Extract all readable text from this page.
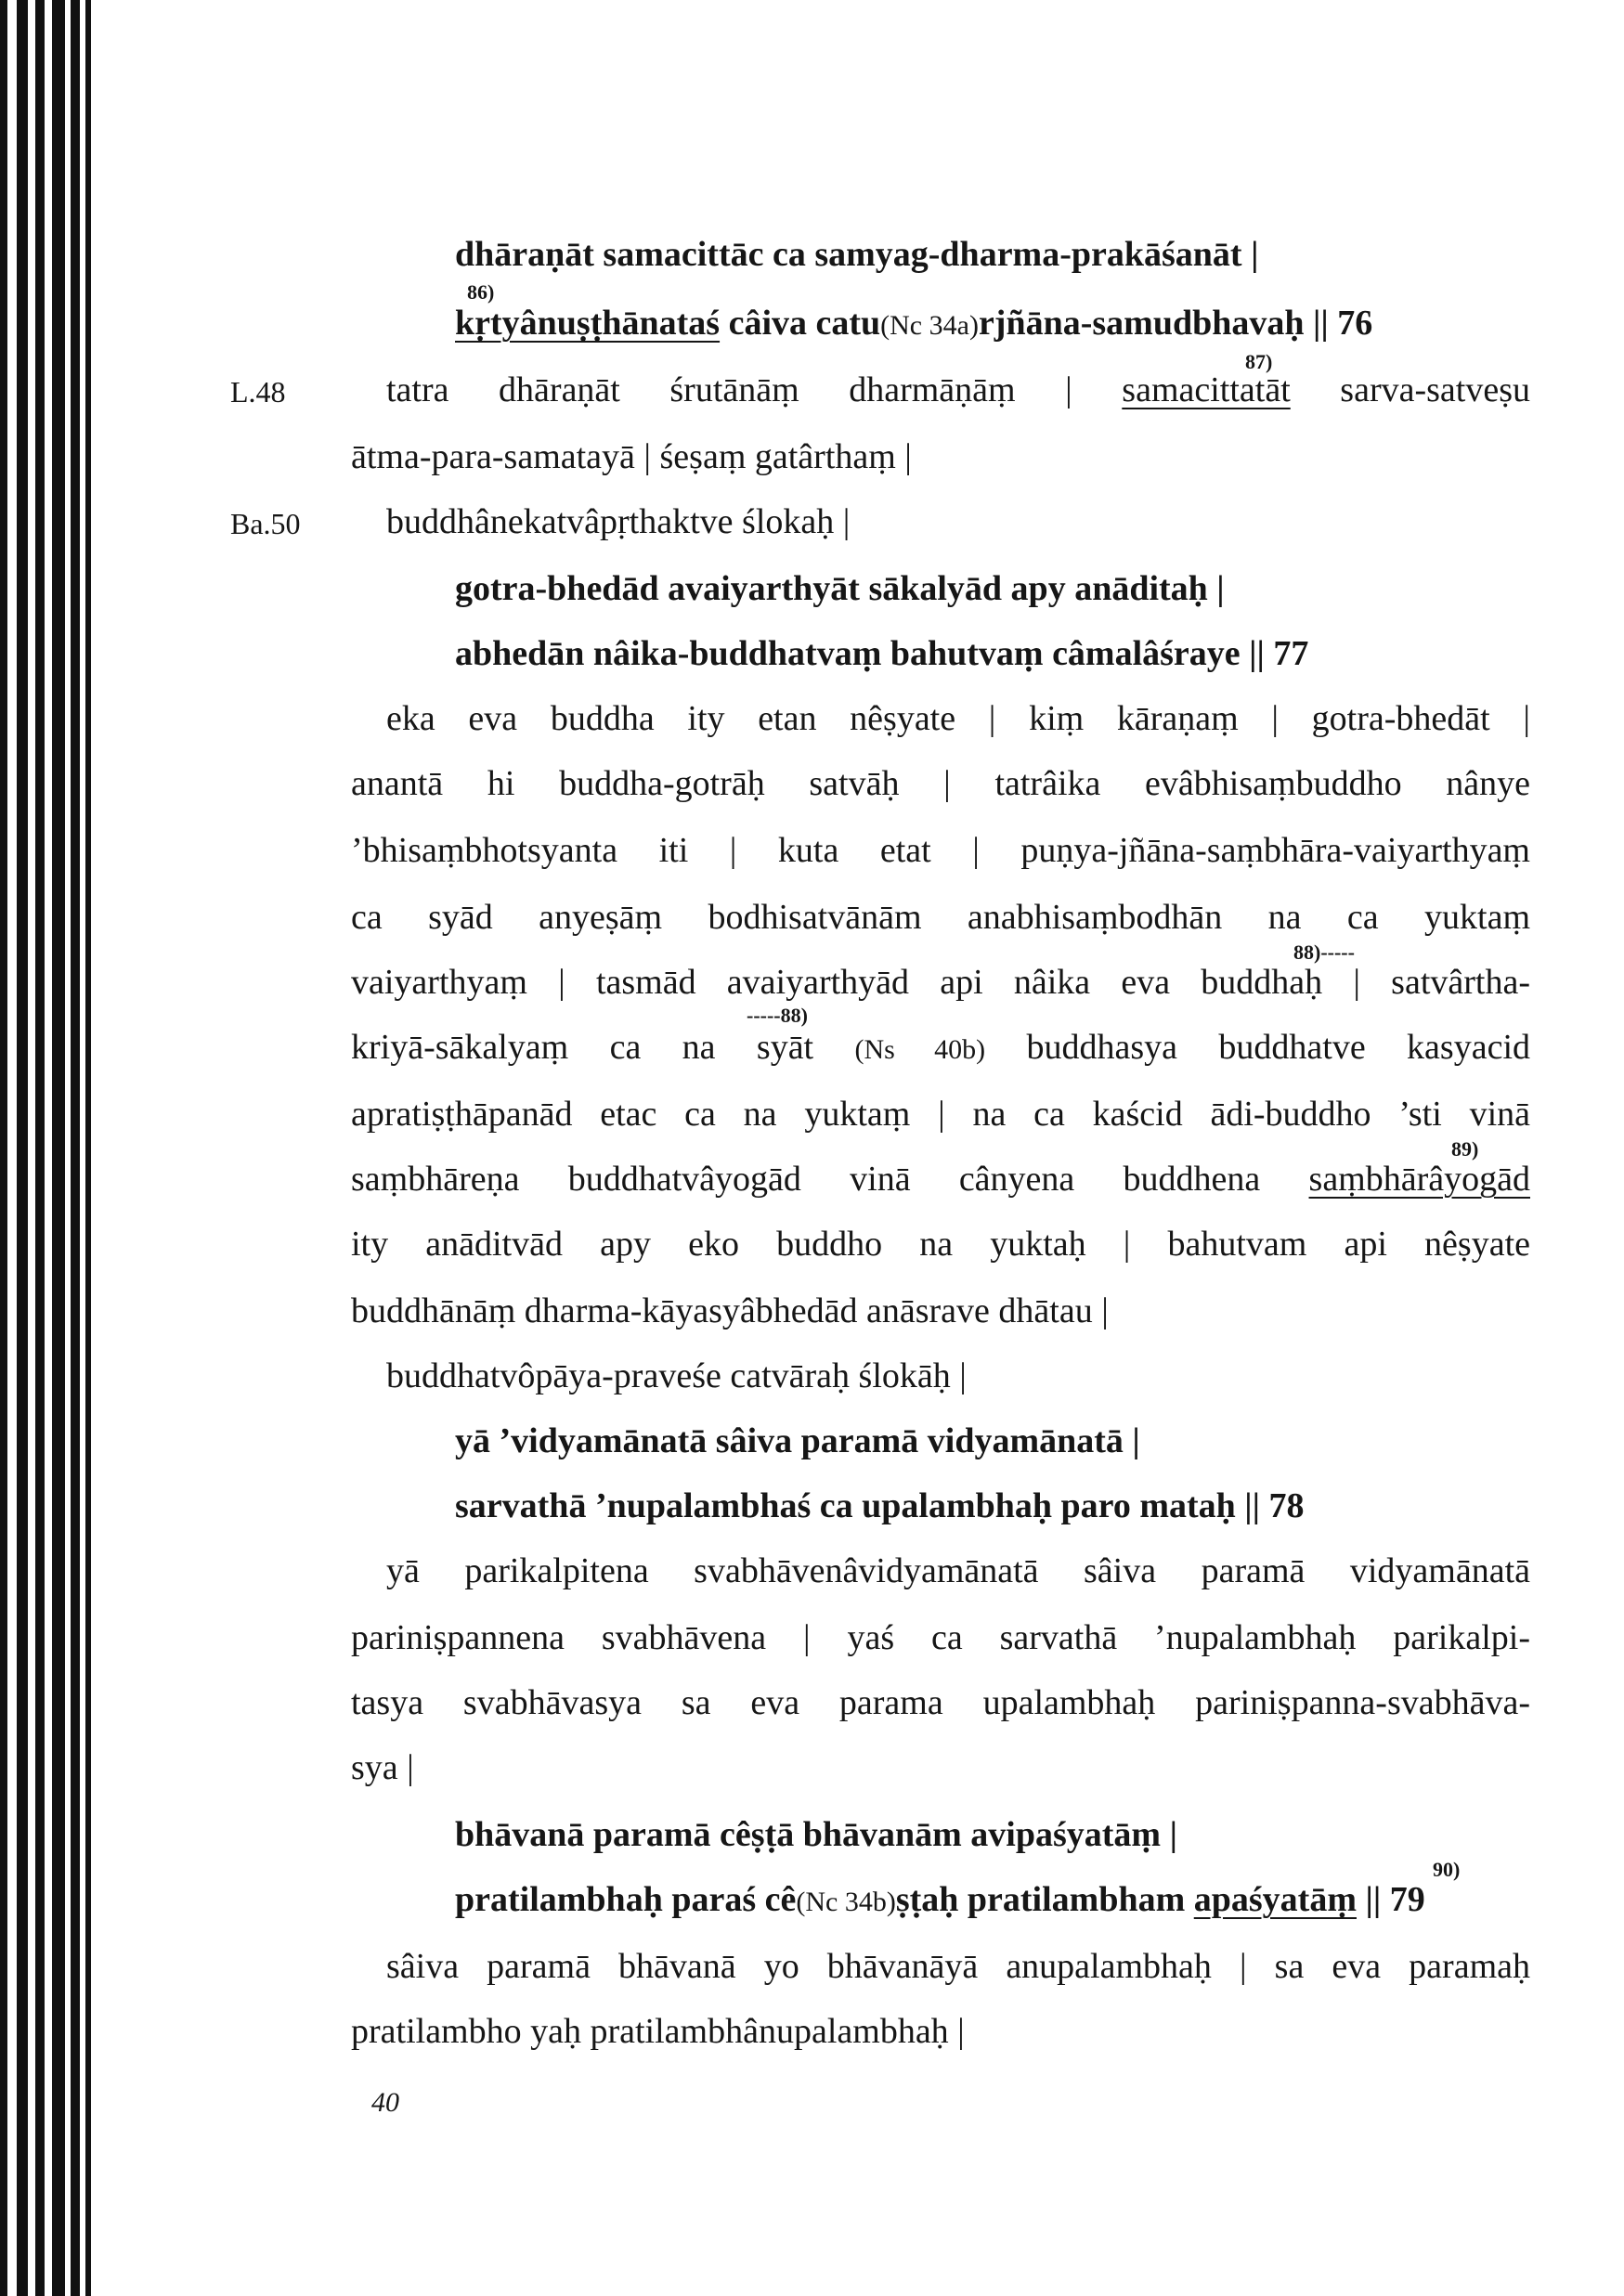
dhāraṇāt samacittāc ca samyag-dharma-prakāśanāt |
86)
kṛtyânuṣṭhānataś câiva catu(Nc 34a)rjñāna-samudbhavaḥ || 76
87)
L.48	tatra dhāraṇāt śrutānāṃ dharmāṇāṃ | samacittatāt sarva-satveṣu
ātma-para-samatayā | śeṣaṃ gatârthaṃ |
Ba.50 buddhânekatvâpṛthaktve ślokaḥ |
gotra-bhedād avaiyarthyāt sākalyād apy anāditaḥ |
abhedān nâika-buddhatvaṃ bahutvaṃ câmalâśraye || 77
eka eva buddha ity etan nêṣyate | kiṃ kāraṇaṃ | gotra-bhedāt |
anantā hi buddha-gotrāḥ satvāḥ | tatrâika evâbhisaṃbuddho nânye
’bhisaṃbhotsyanta iti | kuta etat | puṇya-jñāna-saṃbhāra-vaiyarthyaṃ
ca syād anyeṣāṃ bodhisatvānām anabhisaṃbodhān na ca yuktaṃ
88)-----
vaiyarthyaṃ | tasmād avaiyarthyād api nâika eva buddhaḥ | satvârtha-
-----88)
kriyā-sākalyaṃ ca na syāt (Ns 40b) buddhasya buddhatve kasyacid
apratiṣṭhāpanād etac ca na yuktaṃ | na ca kaścid ādi-buddho ’sti vinā
89)
saṃbhāreṇa buddhatvâyogād vinā cânyena buddhena saṃbhārâyogād
ity anāditvād apy eko buddho na yuktaḥ | bahutvam api nêṣyate
buddhānāṃ dharma-kāyasyâbhedād anāsrave dhātau |
buddhatvôpāya-praveśe catvāraḥ ślokāḥ |
yā ’vidyamānatā sâiva paramā vidyamānatā |
sarvathā ’nupalambhaś ca upalambhaḥ paro mataḥ || 78
yā parikalpitena svabhāvenâvidyamānatā sâiva paramā vidyamānatā
pariniṣpannena svabhāvena | yaś ca sarvathā ’nupalambhaḥ parikalpi-
tasya svabhāvasya sa eva parama upalambhaḥ pariniṣpanna-svabhāva-
sya |
bhāvanā paramā cêṣṭā bhāvanām avipaśyatāṃ |
90)
pratilambhaḥ paraś cê(Nc 34b)ṣṭaḥ pratilambham apaśyatāṃ || 79
sâiva paramā bhāvanā yo bhāvanāyā anupalambhaḥ | sa eva paramaḥ
pratilambho yaḥ pratilambhânupalambhaḥ |
40
